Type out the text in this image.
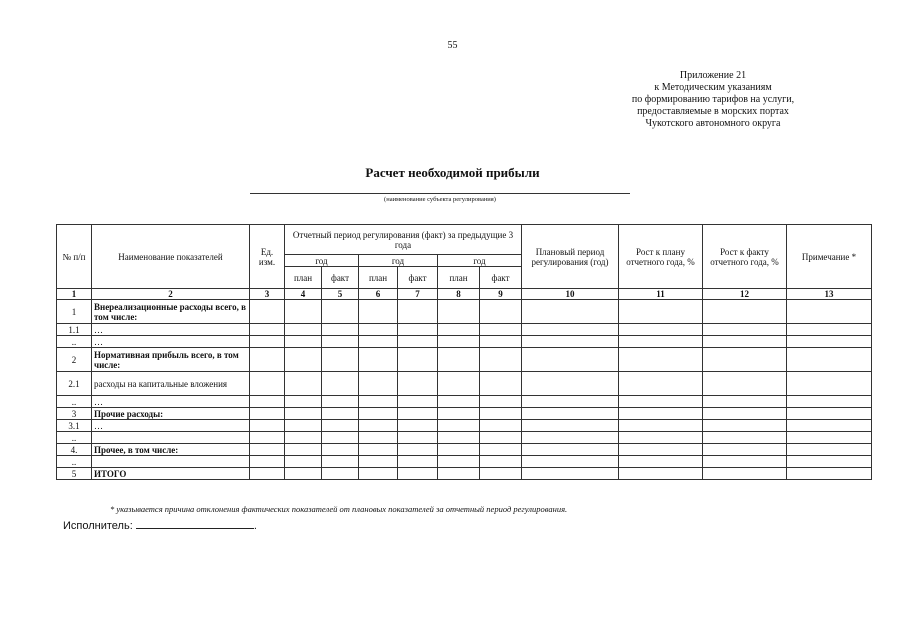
55
Приложение 21
к Методическим указаниям
по формированию тарифов на услуги,
предоставляемые в морских портах
Чукотского автономного округа
Расчет необходимой прибыли
(наименование субъекта регулирования)
№ п/п	Наименование показателей	Ед. изм.	Отчетный период регулирования (факт) за предыдущие 3 года						Плановый период регулирования (год)	Рост к плану отчетного года, %	Рост к факту отчетного года, %	Примечание *
			год		год		год					
			план	факт	план	факт	план	факт				
1	2	3	4	5	6	7	8	9	10	11	12	13
1	Внереализационные расходы всего, в том числе:											
1.1	…											
..	…											
2	Нормативная прибыль всего, в том числе:											
2.1	расходы на капитальные вложения											
..	…											
3	Прочие расходы:											
3.1	…											
..												
4.	Прочее, в том числе:											
..												
5	ИТОГО											
* указывается причина отклонения фактических показателей от плановых показателей за отчетный период регулирования.
Исполнитель:	.
